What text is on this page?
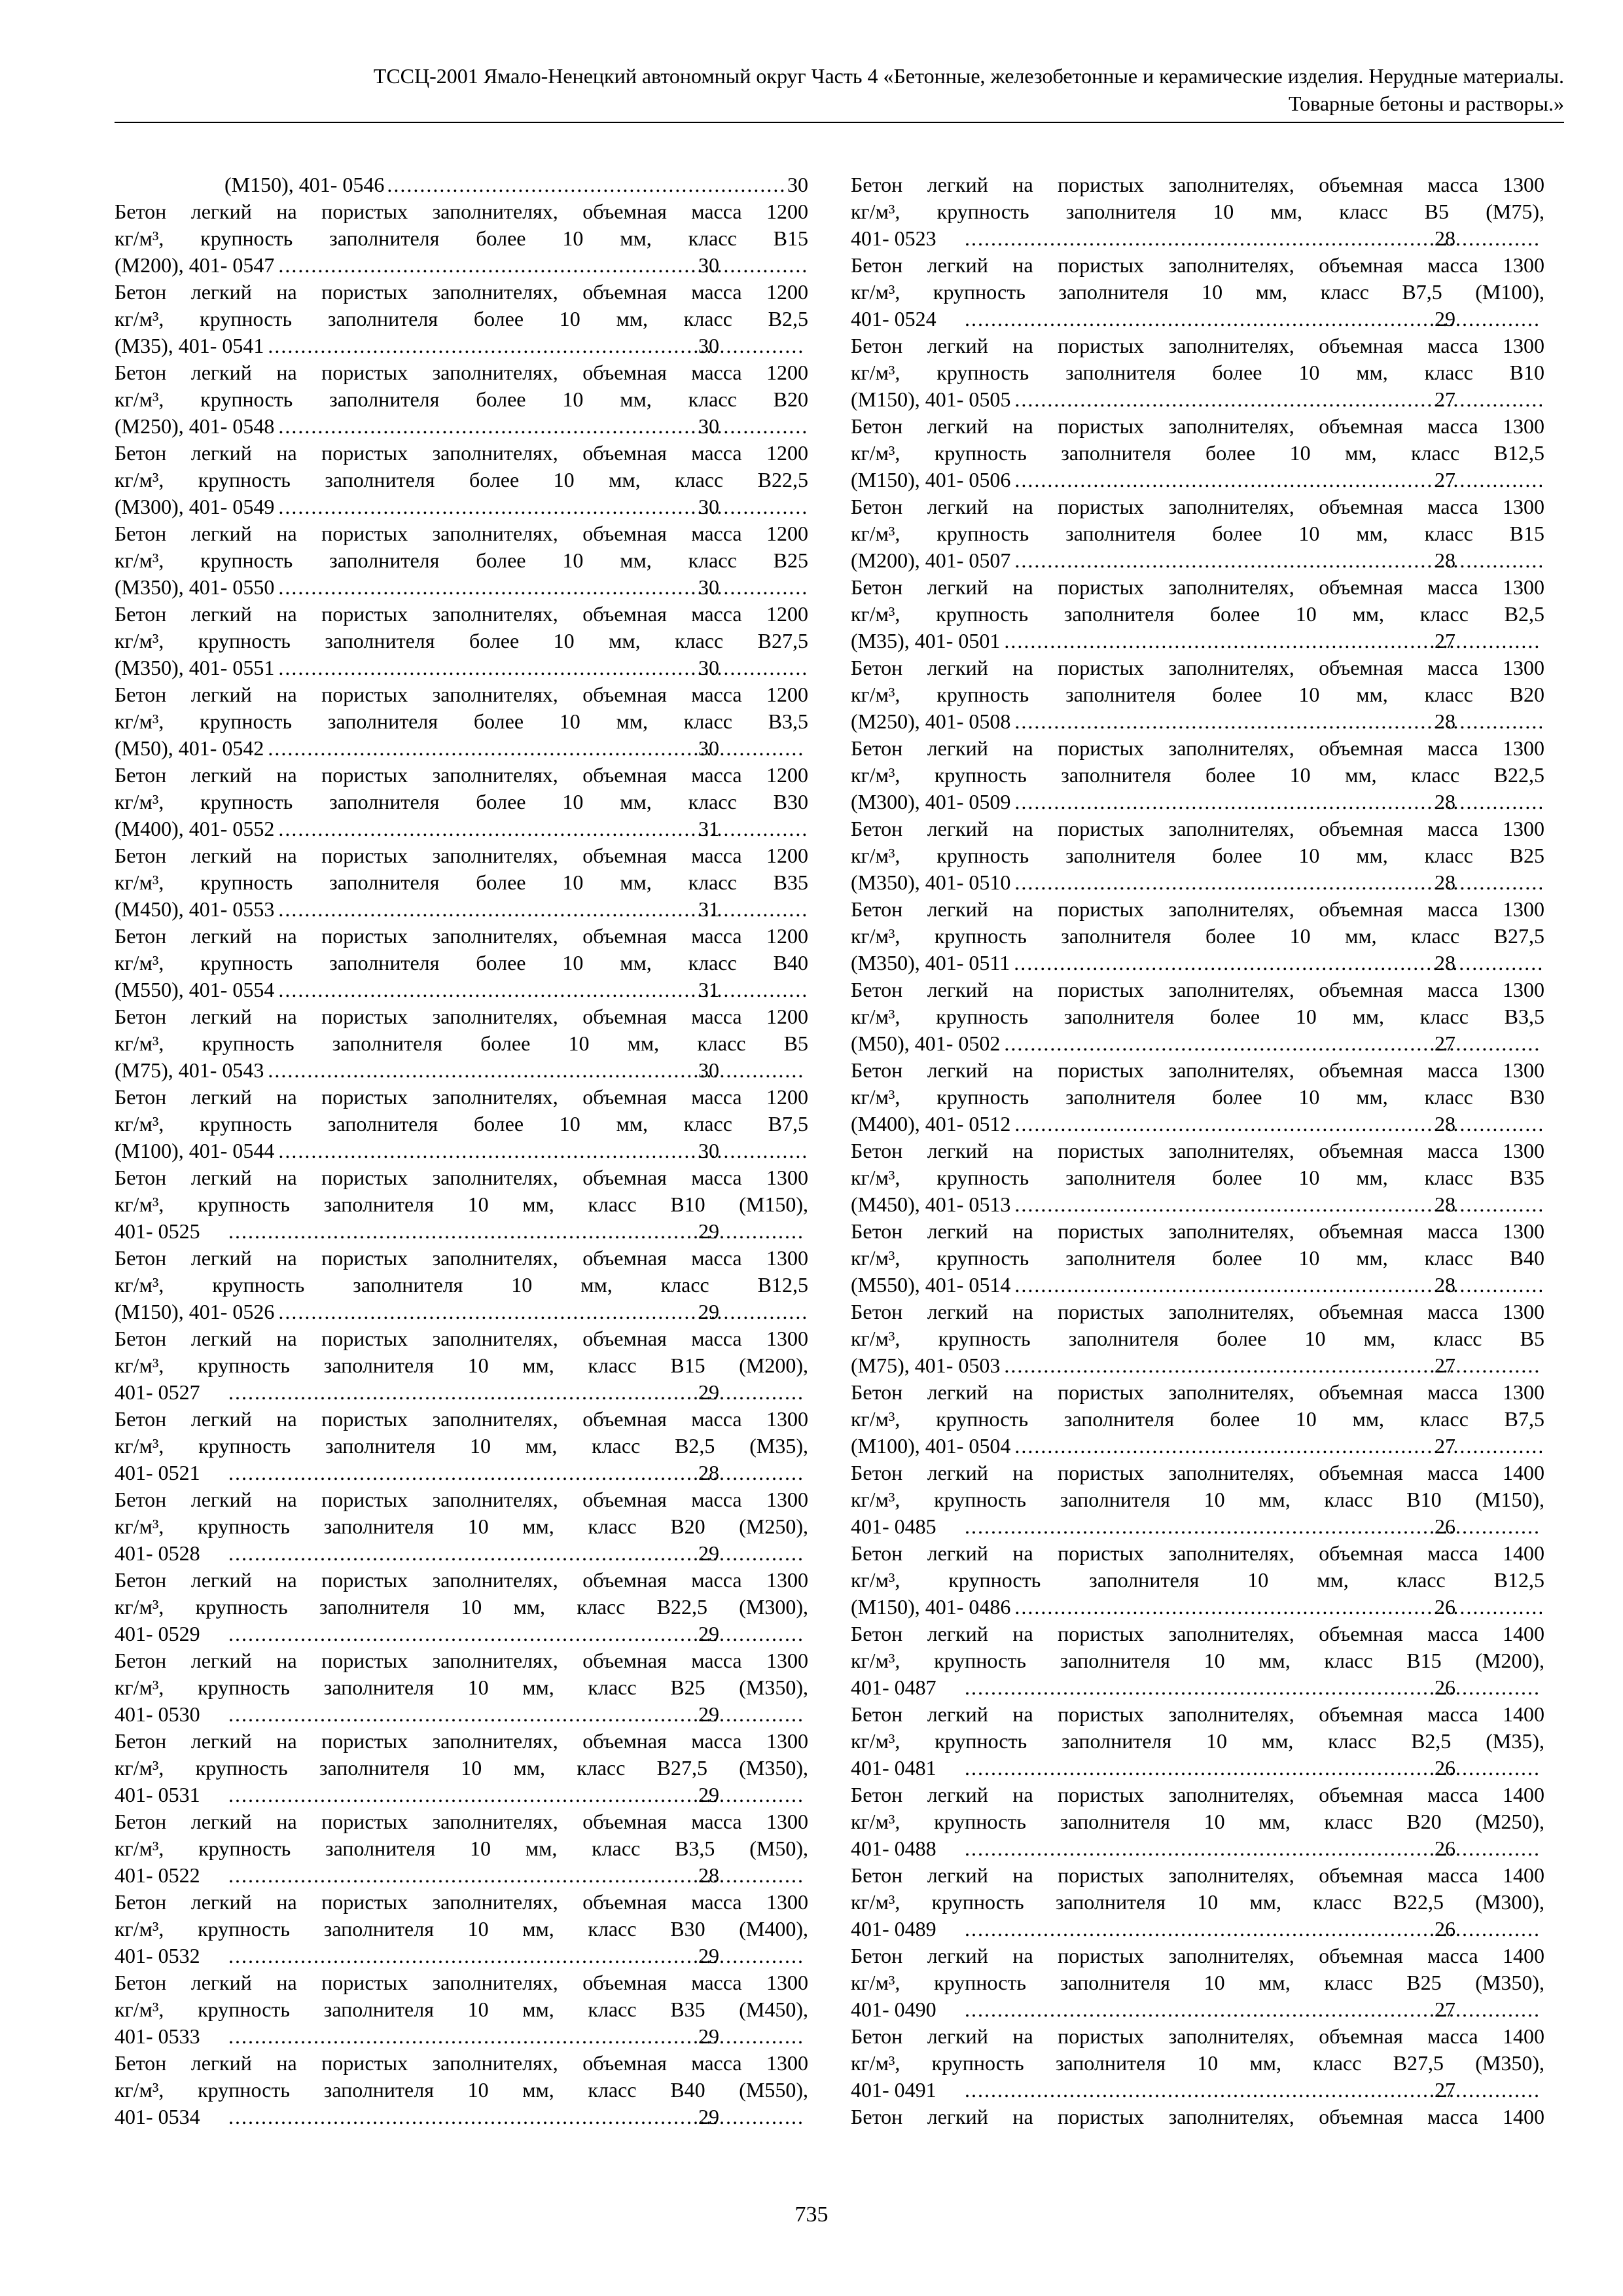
ТССЦ-2001 Ямало-Ненецкий автономный округ Часть 4 «Бетонные, железобетонные и керамические изделия. Нерудные материалы.
Товарные бетоны и растворы.»
(М150), 401- 0546 . . .	30
Бетон легкий на пористых заполнителях, объемная масса 1200
кг/м³, крупность заполнителя более 10 мм, класс В15
(М200), 401- 0547 . . .	30
Бетон легкий на пористых заполнителях, объемная масса 1200
кг/м³, крупность заполнителя более 10 мм, класс В2,5
(М35), 401- 0541 . . .	30
Бетон легкий на пористых заполнителях, объемная масса 1200
кг/м³, крупность заполнителя более 10 мм, класс В20
(М250), 401- 0548 . . .	30
Бетон легкий на пористых заполнителях, объемная масса 1200
кг/м³, крупность заполнителя более 10 мм, класс В22,5
(М300), 401- 0549 . . .	30
Бетон легкий на пористых заполнителях, объемная масса 1200
кг/м³, крупность заполнителя более 10 мм, класс В25
(М350), 401- 0550 . . .	30
Бетон легкий на пористых заполнителях, объемная масса 1200
кг/м³, крупность заполнителя более 10 мм, класс В27,5
(М350), 401- 0551 . . .	30
Бетон легкий на пористых заполнителях, объемная масса 1200
кг/м³, крупность заполнителя более 10 мм, класс В3,5
(М50), 401- 0542 . . .	30
Бетон легкий на пористых заполнителях, объемная масса 1200
кг/м³, крупность заполнителя более 10 мм, класс В30
(М400), 401- 0552 . . .	31
Бетон легкий на пористых заполнителях, объемная масса 1200
кг/м³, крупность заполнителя более 10 мм, класс В35
(М450), 401- 0553 . . .	31
Бетон легкий на пористых заполнителях, объемная масса 1200
кг/м³, крупность заполнителя более 10 мм, класс В40
(М550), 401- 0554 . . .	31
Бетон легкий на пористых заполнителях, объемная масса 1200
кг/м³, крупность заполнителя более 10 мм, класс В5
(М75), 401- 0543 . . .	30
Бетон легкий на пористых заполнителях, объемная масса 1200
кг/м³, крупность заполнителя более 10 мм, класс В7,5
(М100), 401- 0544 . . .	30
Бетон легкий на пористых заполнителях, объемная масса 1300
кг/м³, крупность заполнителя 10 мм, класс В10 (М150),
401- 0525 . . .	29
Бетон легкий на пористых заполнителях, объемная масса 1300
кг/м³, крупность заполнителя 10 мм, класс В12,5
(М150), 401- 0526 . . .	29
Бетон легкий на пористых заполнителях, объемная масса 1300
кг/м³, крупность заполнителя 10 мм, класс В15 (М200),
401- 0527 . . .	29
Бетон легкий на пористых заполнителях, объемная масса 1300
кг/м³, крупность заполнителя 10 мм, класс В2,5 (М35),
401- 0521 . . .	28
Бетон легкий на пористых заполнителях, объемная масса 1300
кг/м³, крупность заполнителя 10 мм, класс В20 (М250),
401- 0528 . . .	29
Бетон легкий на пористых заполнителях, объемная масса 1300
кг/м³, крупность заполнителя 10 мм, класс В22,5 (М300),
401- 0529 . . .	29
Бетон легкий на пористых заполнителях, объемная масса 1300
кг/м³, крупность заполнителя 10 мм, класс В25 (М350),
401- 0530 . . .	29
Бетон легкий на пористых заполнителях, объемная масса 1300
кг/м³, крупность заполнителя 10 мм, класс В27,5 (М350),
401- 0531 . . .	29
Бетон легкий на пористых заполнителях, объемная масса 1300
кг/м³, крупность заполнителя 10 мм, класс В3,5 (М50),
401- 0522 . . .	28
Бетон легкий на пористых заполнителях, объемная масса 1300
кг/м³, крупность заполнителя 10 мм, класс В30 (М400),
401- 0532 . . .	29
Бетон легкий на пористых заполнителях, объемная масса 1300
кг/м³, крупность заполнителя 10 мм, класс В35 (М450),
401- 0533 . . .	29
Бетон легкий на пористых заполнителях, объемная масса 1300
кг/м³, крупность заполнителя 10 мм, класс В40 (М550),
401- 0534 . . .	29
Бетон легкий на пористых заполнителях, объемная масса 1300
кг/м³, крупность заполнителя 10 мм, класс В5 (М75),
401- 0523 . . .	28
Бетон легкий на пористых заполнителях, объемная масса 1300
кг/м³, крупность заполнителя 10 мм, класс В7,5 (М100),
401- 0524 . . .	29
Бетон легкий на пористых заполнителях, объемная масса 1300
кг/м³, крупность заполнителя более 10 мм, класс В10
(М150), 401- 0505 . . .	27
Бетон легкий на пористых заполнителях, объемная масса 1300
кг/м³, крупность заполнителя более 10 мм, класс В12,5
(М150), 401- 0506 . . .	27
Бетон легкий на пористых заполнителях, объемная масса 1300
кг/м³, крупность заполнителя более 10 мм, класс В15
(М200), 401- 0507 . . .	28
Бетон легкий на пористых заполнителях, объемная масса 1300
кг/м³, крупность заполнителя более 10 мм, класс В2,5
(М35), 401- 0501 . . .	27
Бетон легкий на пористых заполнителях, объемная масса 1300
кг/м³, крупность заполнителя более 10 мм, класс В20
(М250), 401- 0508 . . .	28
Бетон легкий на пористых заполнителях, объемная масса 1300
кг/м³, крупность заполнителя более 10 мм, класс В22,5
(М300), 401- 0509 . . .	28
Бетон легкий на пористых заполнителях, объемная масса 1300
кг/м³, крупность заполнителя более 10 мм, класс В25
(М350), 401- 0510 . . .	28
Бетон легкий на пористых заполнителях, объемная масса 1300
кг/м³, крупность заполнителя более 10 мм, класс В27,5
(М350), 401- 0511 . . .	28
Бетон легкий на пористых заполнителях, объемная масса 1300
кг/м³, крупность заполнителя более 10 мм, класс В3,5
(М50), 401- 0502 . . .	27
Бетон легкий на пористых заполнителях, объемная масса 1300
кг/м³, крупность заполнителя более 10 мм, класс В30
(М400), 401- 0512 . . .	28
Бетон легкий на пористых заполнителях, объемная масса 1300
кг/м³, крупность заполнителя более 10 мм, класс В35
(М450), 401- 0513 . . .	28
Бетон легкий на пористых заполнителях, объемная масса 1300
кг/м³, крупность заполнителя более 10 мм, класс В40
(М550), 401- 0514 . . .	28
Бетон легкий на пористых заполнителях, объемная масса 1300
кг/м³, крупность заполнителя более 10 мм, класс В5
(М75), 401- 0503 . . .	27
Бетон легкий на пористых заполнителях, объемная масса 1300
кг/м³, крупность заполнителя более 10 мм, класс В7,5
(М100), 401- 0504 . . .	27
Бетон легкий на пористых заполнителях, объемная масса 1400
кг/м³, крупность заполнителя 10 мм, класс В10 (М150),
401- 0485 . . .	26
Бетон легкий на пористых заполнителях, объемная масса 1400
кг/м³, крупность заполнителя 10 мм, класс В12,5
(М150), 401- 0486 . . .	26
Бетон легкий на пористых заполнителях, объемная масса 1400
кг/м³, крупность заполнителя 10 мм, класс В15 (М200),
401- 0487 . . .	26
Бетон легкий на пористых заполнителях, объемная масса 1400
кг/м³, крупность заполнителя 10 мм, класс В2,5 (М35),
401- 0481 . . .	26
Бетон легкий на пористых заполнителях, объемная масса 1400
кг/м³, крупность заполнителя 10 мм, класс В20 (М250),
401- 0488 . . .	26
Бетон легкий на пористых заполнителях, объемная масса 1400
кг/м³, крупность заполнителя 10 мм, класс В22,5 (М300),
401- 0489 . . .	26
Бетон легкий на пористых заполнителях, объемная масса 1400
кг/м³, крупность заполнителя 10 мм, класс В25 (М350),
401- 0490 . . .	27
Бетон легкий на пористых заполнителях, объемная масса 1400
кг/м³, крупность заполнителя 10 мм, класс В27,5 (М350),
401- 0491 . . .	27
Бетон легкий на пористых заполнителях, объемная масса 1400
735
